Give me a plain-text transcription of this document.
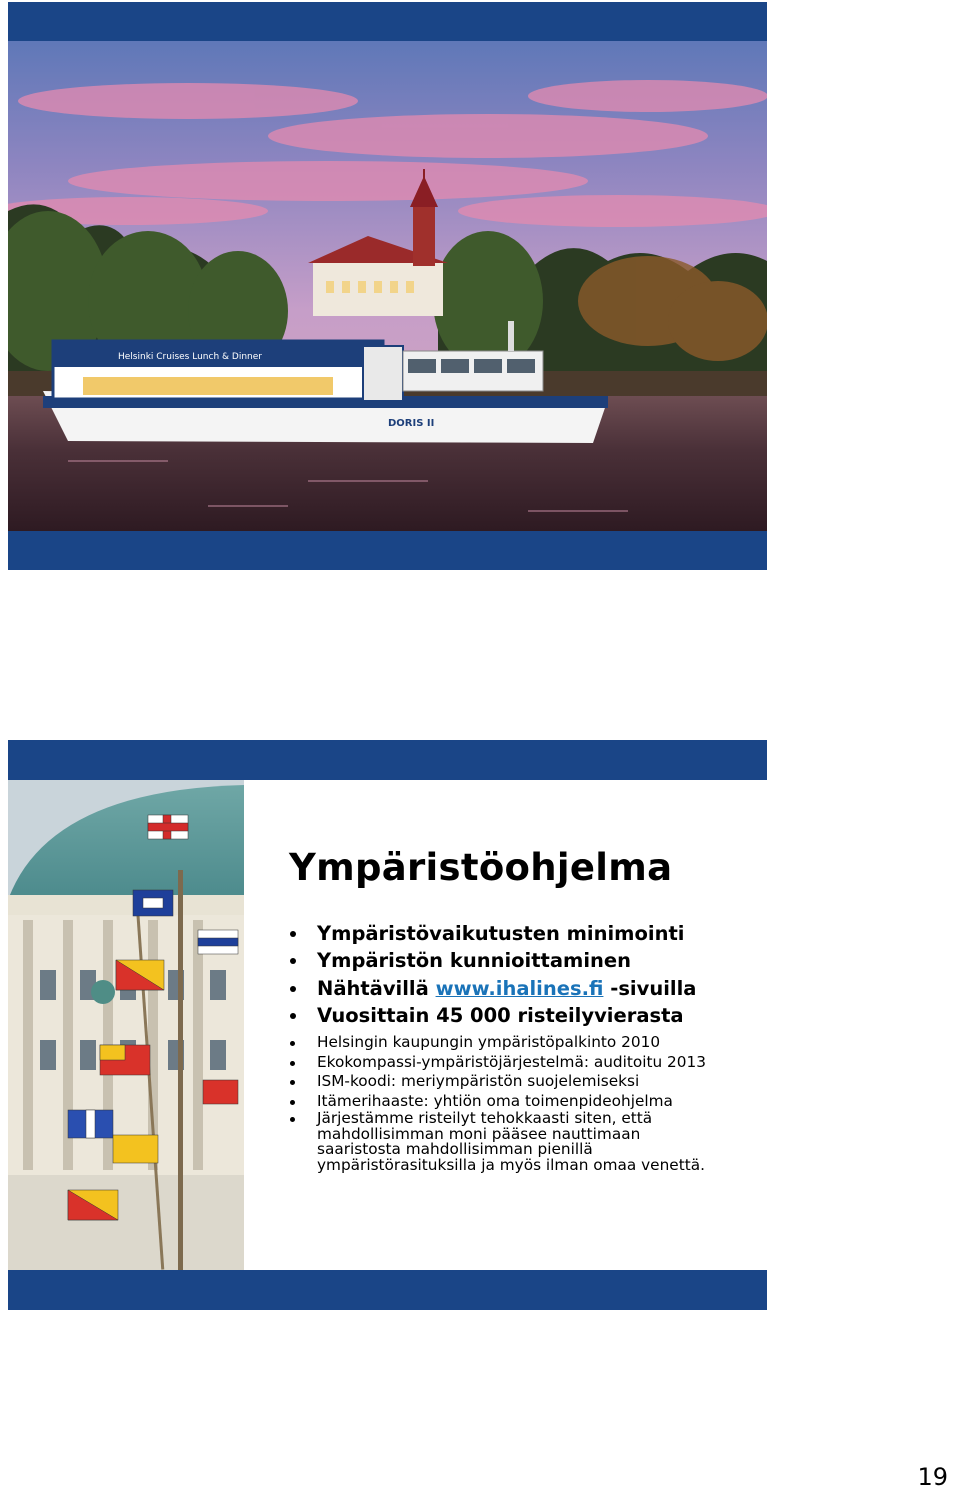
Helsinki Cruises Lunch & Dinner
DORIS II
Ympäristöohjelma
Ympäristövaikutusten minimointi
Ympäristön kunnioittaminen
Nähtävillä www.ihalines.fi -sivuilla
Vuosittain 45 000 risteilyvierasta
Helsingin kaupungin ympäristöpalkinto 2010
Ekokompassi-ympäristöjärjestelmä: auditoitu 2013
ISM-koodi: meriympäristön suojelemiseksi
Itämerihaaste: yhtiön oma toimenpideohjelma
Järjestämme risteilyt tehokkaasti siten, että
mahdollisimman moni pääsee nauttimaan
saaristosta mahdollisimman pienillä
ympäristörasituksilla ja myös ilman omaa venettä.
19
